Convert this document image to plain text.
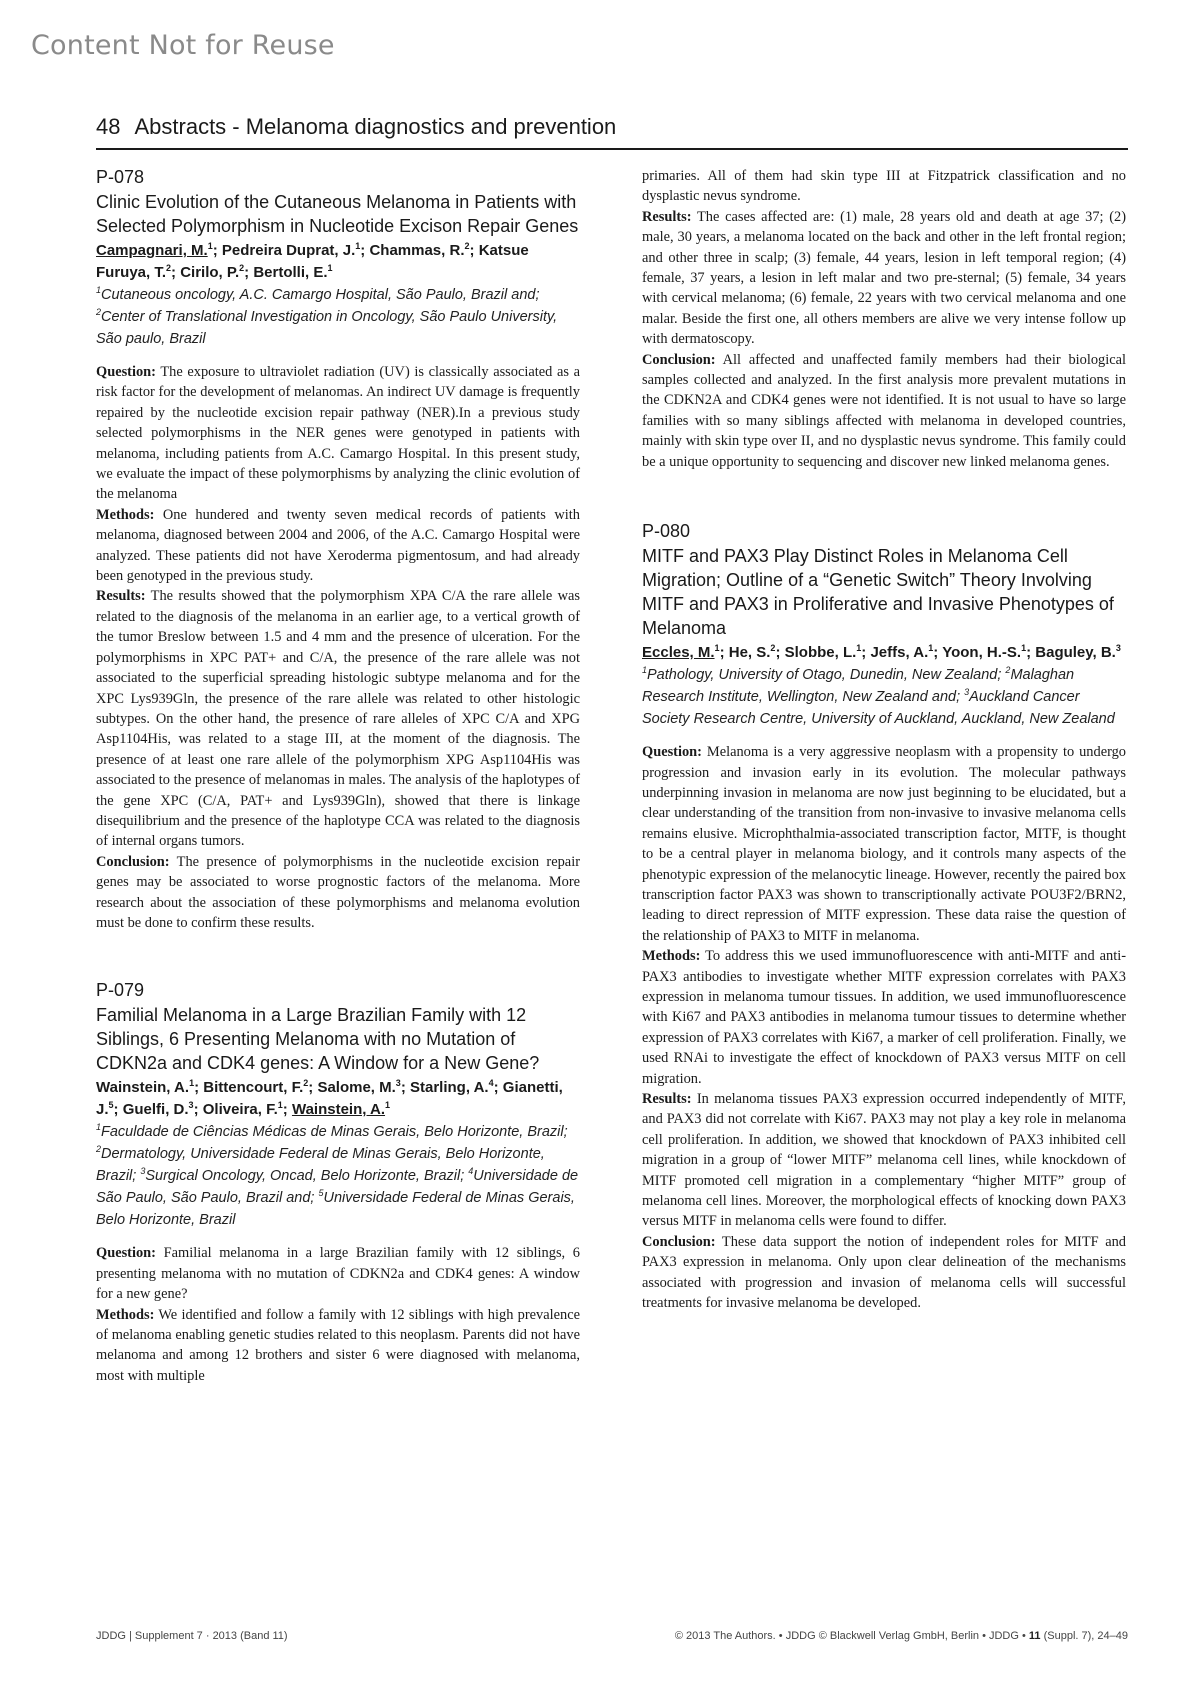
Content Not for Reuse
48 Abstracts - Melanoma diagnostics and prevention
P-078
Clinic Evolution of the Cutaneous Melanoma in Patients with Selected Polymorphism in Nucleotide Excison Repair Genes
Campagnari, M.$^1$; Pedreira Duprat, J.$^1$; Chammas, R.$^2$; Katsue Furuya, T.$^2$; Cirilo, P.$^2$; Bertolli, E.$^1$
$^1$Cutaneous oncology, A.C. Camargo Hospital, São Paulo, Brazil and; $^2$Center of Translational Investigation in Oncology, São Paulo University, São paulo, Brazil

Question: The exposure to ultraviolet radiation (UV) is classically associated as a risk factor for the development of melanomas. An indirect UV damage is frequently repaired by the nucleotide excision repair pathway (NER).In a previous study selected polymorphisms in the NER genes were genotyped in patients with melanoma, including patients from A.C. Camargo Hospital. In this present study, we evaluate the impact of these polymorphisms by analyzing the clinic evolution of the melanoma

Methods: One hundered and twenty seven medical records of patients with melanoma, diagnosed between 2004 and 2006, of the A.C. Camargo Hospital were analyzed. These patients did not have Xeroderma pigmentosum, and had already been genotyped in the previous study.

Results: The results showed that the polymorphism XPA C/A the rare allele was related to the diagnosis of the melanoma in an earlier age, to a vertical growth of the tumor Breslow between 1.5 and 4 mm and the presence of ulceration. For the polymorphisms in XPC PAT+ and C/A, the presence of the rare allele was not associated to the superficial spreading histologic subtype melanoma and for the XPC Lys939Gln, the presence of the rare allele was related to other histologic subtypes. On the other hand, the presence of rare alleles of XPC C/A and XPG Asp1104His, was related to a stage III, at the moment of the diagnosis. The presence of at least one rare allele of the polymorphism XPG Asp1104His was associated to the presence of melanomas in males. The analysis of the haplotypes of the gene XPC (C/A, PAT+ and Lys939Gln), showed that there is linkage disequilibrium and the presence of the haplotype CCA was related to the diagnosis of internal organs tumors.

Conclusion: The presence of polymorphisms in the nucleotide excision repair genes may be associated to worse prognostic factors of the melanoma. More research about the association of these polymorphisms and melanoma evolution must be done to confirm these results.

P-079
Familial Melanoma in a Large Brazilian Family with 12 Siblings, 6 Presenting Melanoma with no Mutation of CDKN2a and CDK4 genes: A Window for a New Gene?
Wainstein, A.$^1$; Bittencourt, F.$^2$; Salome, M.$^3$; Starling, A.$^4$; Gianetti, J.$^5$; Guelfi, D.$^3$; Oliveira, F.$^1$; Wainstein, A.$^1$
$^1$Faculdade de Ciências Médicas de Minas Gerais, Belo Horizonte, Brazil; $^2$Dermatology, Universidade Federal de Minas Gerais, Belo Horizonte, Brazil; $^3$Surgical Oncology, Oncad, Belo Horizonte, Brazil; $^4$Universidade de São Paulo, São Paulo, Brazil and; $^5$Universidade Federal de Minas Gerais, Belo Horizonte, Brazil

Question: Familial melanoma in a large Brazilian family with 12 siblings, 6 presenting melanoma with no mutation of CDKN2a and CDK4 genes: A window for a new gene?

Methods: We identified and follow a family with 12 siblings with high prevalence of melanoma enabling genetic studies related to this neoplasm. Parents did not have melanoma and among 12 brothers and sister 6 were diagnosed with melanoma, most with multiple

primaries. All of them had skin type III at Fitzpatrick classification and no dysplastic nevus syndrome.

Results: The cases affected are: (1) male, 28 years old and death at age 37; (2) male, 30 years, a melanoma located on the back and other in the left frontal region; and other three in scalp; (3) female, 44 years, lesion in left temporal region; (4) female, 37 years, a lesion in left malar and two pre-sternal; (5) female, 34 years with cervical melanoma; (6) female, 22 years with two cervical melanoma and one malar. Beside the first one, all others members are alive we very intense follow up with dermatoscopy.

Conclusion: All affected and unaffected family members had their biological samples collected and analyzed. In the first analysis more prevalent mutations in the CDKN2A and CDK4 genes were not identified. It is not usual to have so large families with so many siblings affected with melanoma in developed countries, mainly with skin type over II, and no dysplastic nevus syndrome. This family could be a unique opportunity to sequencing and discover new linked melanoma genes.

P-080
MITF and PAX3 Play Distinct Roles in Melanoma Cell Migration; Outline of a “Genetic Switch” Theory Involving MITF and PAX3 in Proliferative and Invasive Phenotypes of Melanoma
Eccles, M.$^1$; He, S.$^2$; Slobbe, L.$^1$; Jeffs, A.$^1$; Yoon, H.-S.$^1$; Baguley, B.$^3$
$^1$Pathology, University of Otago, Dunedin, New Zealand; $^2$Malaghan Research Institute, Wellington, New Zealand and; $^3$Auckland Cancer Society Research Centre, University of Auckland, Auckland, New Zealand

Question: Melanoma is a very aggressive neoplasm with a propensity to undergo progression and invasion early in its evolution. The molecular pathways underpinning invasion in melanoma are now just beginning to be elucidated, but a clear understanding of the transition from non-invasive to invasive melanoma cells remains elusive. Microphthalmia-associated transcription factor, MITF, is thought to be a central player in melanoma biology, and it controls many aspects of the phenotypic expression of the melanocytic lineage. However, recently the paired box transcription factor PAX3 was shown to transcriptionally activate POU3F2/BRN2, leading to direct repression of MITF expression. These data raise the question of the relationship of PAX3 to MITF in melanoma.

Methods: To address this we used immunofluorescence with anti-MITF and anti-PAX3 antibodies to investigate whether MITF expression correlates with PAX3 expression in melanoma tumour tissues. In addition, we used immunofluorescence with Ki67 and PAX3 antibodies in melanoma tumour tissues to determine whether expression of PAX3 correlates with Ki67, a marker of cell proliferation. Finally, we used RNAi to investigate the effect of knockdown of PAX3 versus MITF on cell migration.

Results: In melanoma tissues PAX3 expression occurred independently of MITF, and PAX3 did not correlate with Ki67. PAX3 may not play a key role in melanoma cell proliferation. In addition, we showed that knockdown of PAX3 inhibited cell migration in a group of “lower MITF” melanoma cell lines, while knockdown of MITF promoted cell migration in a complementary “higher MITF” group of melanoma cell lines. Moreover, the morphological effects of knocking down PAX3 versus MITF in melanoma cells were found to differ.

Conclusion: These data support the notion of independent roles for MITF and PAX3 expression in melanoma. Only upon clear delineation of the mechanisms associated with progression and invasion of melanoma cells will successful treatments for invasive melanoma be developed.

JDDG | Supplement 7 · 2013 (Band 11)	© 2013 The Authors. • JDDG © Blackwell Verlag GmbH, Berlin • JDDG • 11 (Suppl. 7), 24–49
